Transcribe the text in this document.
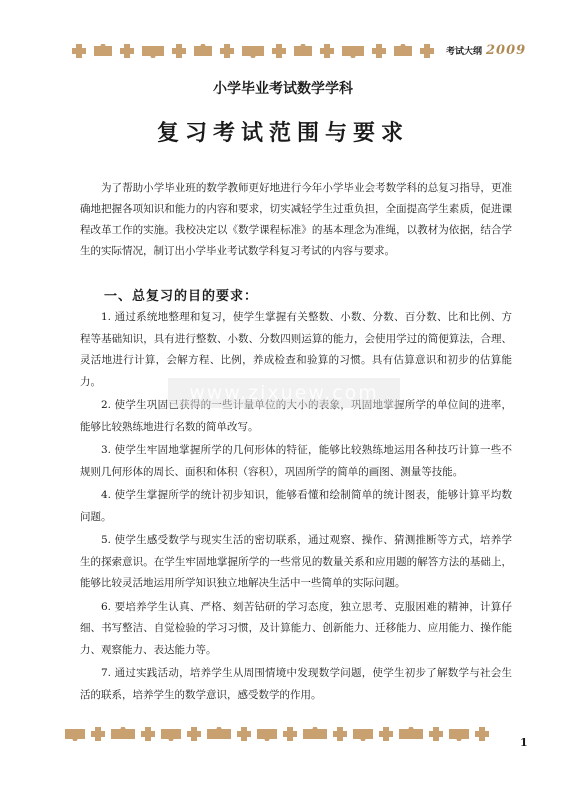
考试大纲 2009
小学毕业考试数学学科
复习考试范围与要求

为了帮助小学毕业班的数学教师更好地进行今年小学毕业会考数学科的总复习指导，更准确地把握各项知识和能力的内容和要求，切实减轻学生过重负担，全面提高学生素质，促进课程改革工作的实施。我校决定以《数学课程标准》的基本理念为准绳，以教材为依据，结合学生的实际情况，制订出小学毕业考试数学科复习考试的内容与要求。

一、总复习的目的要求：

1. 通过系统地整理和复习，使学生掌握有关整数、小数、分数、百分数、比和比例、方程等基础知识，具有进行整数、小数、分数四则运算的能力，会使用学过的简便算法，合理、灵活地进行计算，会解方程、比例，养成检查和验算的习惯。具有估算意识和初步的估算能力。

2. 使学生巩固已获得的一些计量单位的大小的表象，巩固地掌握所学的单位间的进率，能够比较熟练地进行名数的简单改写。

3. 使学生牢固地掌握所学的几何形体的特征，能够比较熟练地运用各种技巧计算一些不规则几何形体的周长、面积和体积（容积），巩固所学的简单的画图、测量等技能。

4. 使学生掌握所学的统计初步知识，能够看懂和绘制简单的统计图表，能够计算平均数问题。

5. 使学生感受数学与现实生活的密切联系，通过观察、操作、猜测推断等方式，培养学生的探索意识。在学生牢固地掌握所学的一些常见的数量关系和应用题的解答方法的基础上，能够比较灵活地运用所学知识独立地解决生活中一些简单的实际问题。

6. 要培养学生认真、严格、刻苦钻研的学习态度，独立思考、克服困难的精神，计算仔细、书写整洁、自觉检验的学习习惯，及计算能力、创新能力、迁移能力、应用能力、操作能力、观察能力、表达能力等。

7. 通过实践活动，培养学生从周围情境中发现数学问题，使学生初步了解数学与社会生活的联系，培养学生的数学意识，感受数学的作用。

www.zixuew.com
1
